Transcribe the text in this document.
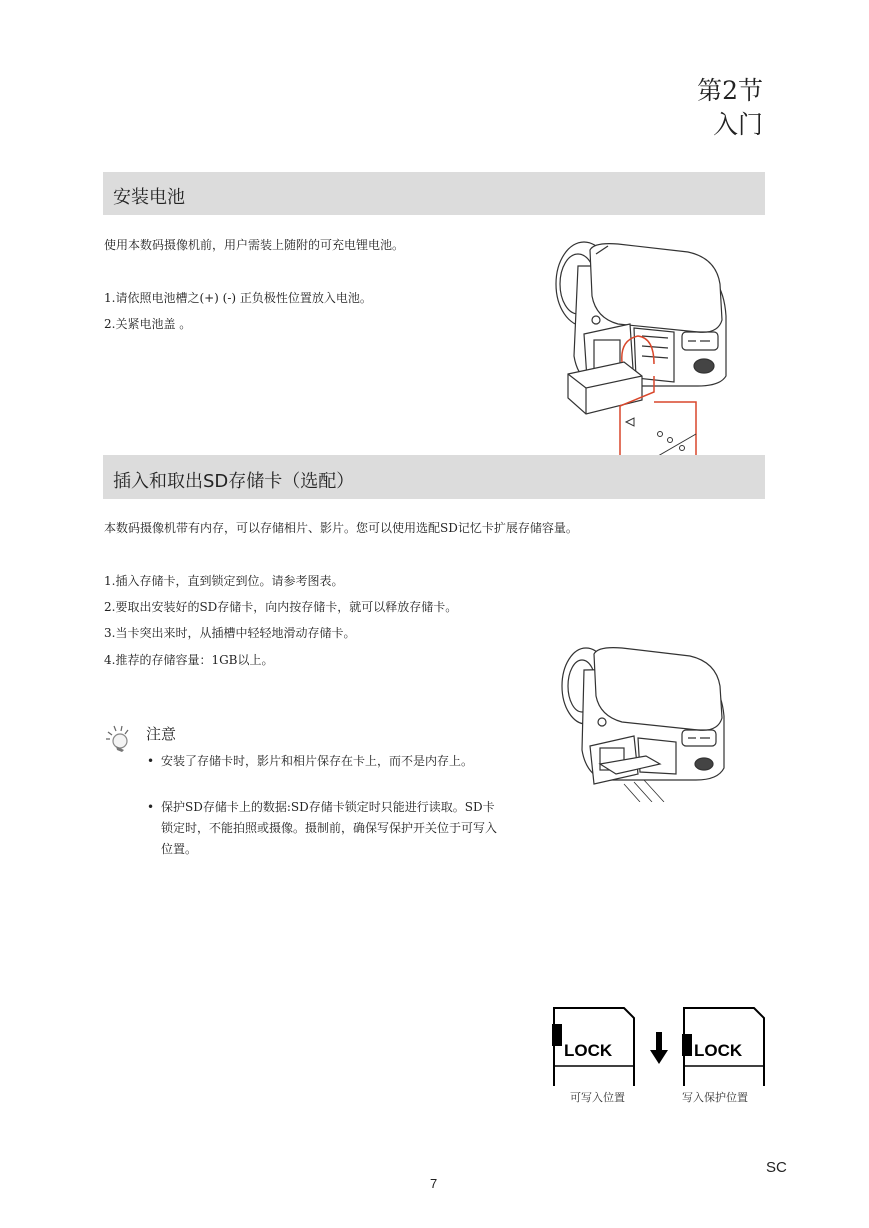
第2节
入门
安装电池
使用本数码摄像机前，用户需装上随附的可充电锂电池。
1.请依照电池槽之(+) (-) 正负极性位置放入电池。
2.关紧电池盖 。
插入和取出SD存储卡（选配）
本数码摄像机带有内存，可以存储相片、影片。您可以使用选配SD记忆卡扩展存储容量。
1.插入存储卡，直到锁定到位。请参考图表。
2.要取出安装好的SD存储卡，向内按存储卡，就可以释放存储卡。
3.当卡突出来时，从插槽中轻轻地滑动存储卡。
4.推荐的存储容量：1GB以上。
注意
• 安装了存储卡时，影片和相片保存在卡上，而不是内存上。
• 保护SD存储卡上的数据:SD存储卡锁定时只能进行读取。SD卡锁定时，不能拍照或摄像。摄制前，确保写保护开关位于可写入位置。
LOCK	LOCK
可写入位置	写入保护位置
SC
7
